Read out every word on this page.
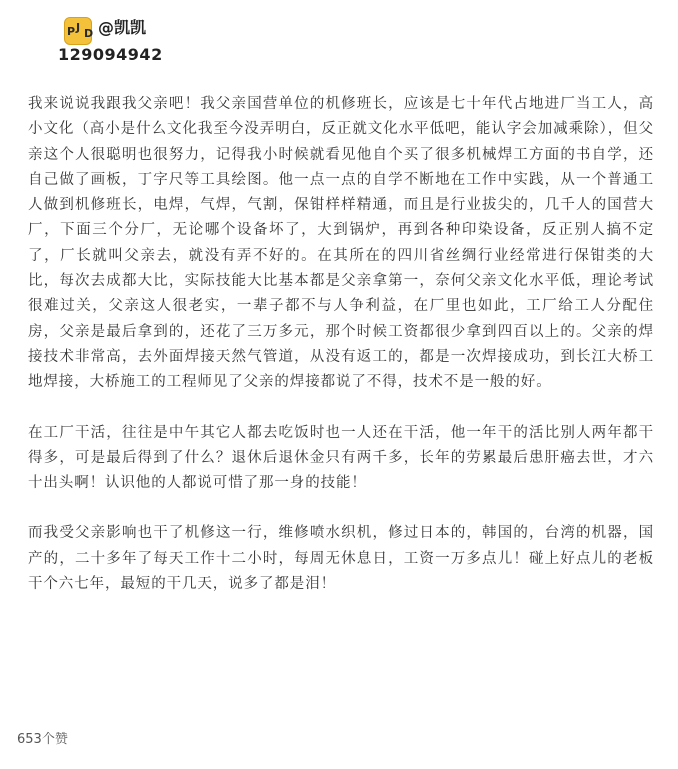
P J D @凯凯
129094942

我来说说我跟我父亲吧！我父亲国营单位的机修班长，应该是七十年代占地进厂当工人，高小文化（高小是什么文化我至今没弄明白，反正就文化水平低吧，能认字会加减乘除），但父亲这个人很聪明也很努力，记得我小时候就看见他自个买了很多机械焊工方面的书自学，还自己做了画板，丁字尺等工具绘图。他一点一点的自学不断地在工作中实践，从一个普通工人做到机修班长，电焊，气焊，气割，保钳样样精通，而且是行业拔尖的，几千人的国营大厂，下面三个分厂，无论哪个设备坏了，大到锅炉，再到各种印染设备，反正别人搞不定了，厂长就叫父亲去，就没有弄不好的。在其所在的四川省丝绸行业经常进行保钳类的大比，每次去成都大比，实际技能大比基本都是父亲拿第一，奈何父亲文化水平低，理论考试很难过关，父亲这人很老实，一辈子都不与人争利益，在厂里也如此，工厂给工人分配住房，父亲是最后拿到的，还花了三万多元，那个时候工资都很少拿到四百以上的。父亲的焊接技术非常高，去外面焊接天然气管道，从没有返工的，都是一次焊接成功，到长江大桥工地焊接，大桥施工的工程师见了父亲的焊接都说了不得，技术不是一般的好。

在工厂干活，往往是中午其它人都去吃饭时也一人还在干活，他一年干的活比别人两年都干得多，可是最后得到了什么？退休后退休金只有两千多，长年的劳累最后患肝癌去世，才六十出头啊！认识他的人都说可惜了那一身的技能！

而我受父亲影响也干了机修这一行，维修喷水织机，修过日本的，韩国的，台湾的机器，国产的，二十多年了每天工作十二小时，每周无休息日，工资一万多点儿！碰上好点儿的老板干个六七年，最短的干几天，说多了都是泪！

653个赞
